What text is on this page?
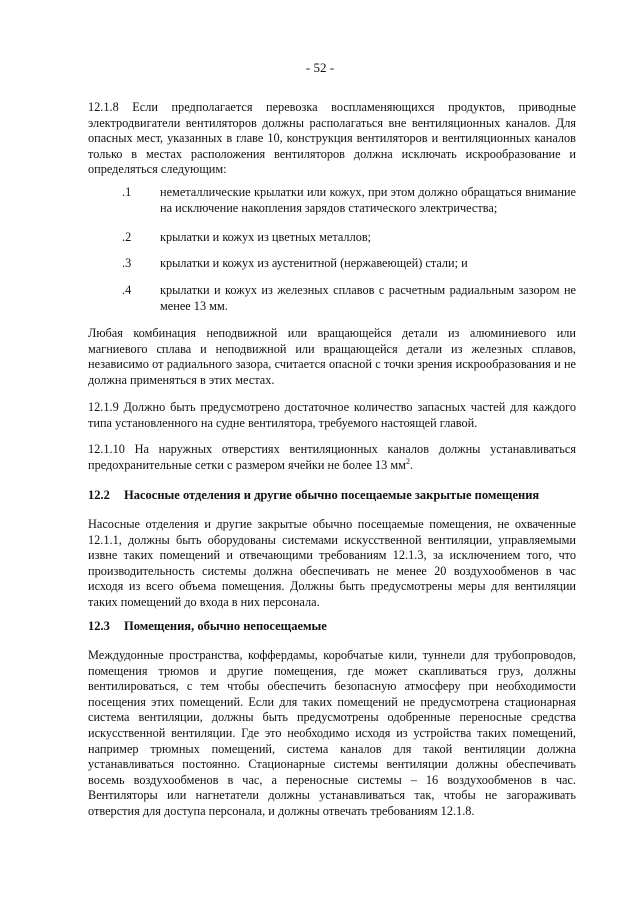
- 52 -

12.1.8 Если предполагается перевозка воспламеняющихся продуктов, приводные электродвигатели вентиляторов должны располагаться вне вентиляционных каналов. Для опасных мест, указанных в главе 10, конструкция вентиляторов и вентиляционных каналов только в местах расположения вентиляторов должна исключать искрообразование и определяться следующим:

.1 неметаллические крылатки или кожух, при этом должно обращаться внимание на исключение накопления зарядов статического электричества;

.2 крылатки и кожух из цветных металлов;

.3 крылатки и кожух из аустенитной (нержавеющей) стали; и

.4 крылатки и кожух из железных сплавов с расчетным радиальным зазором не менее 13 мм.

Любая комбинация неподвижной или вращающейся детали из алюминиевого или магниевого сплава и неподвижной или вращающейся детали из железных сплавов, независимо от радиального зазора, считается опасной с точки зрения искрообразования и не должна применяться в этих местах.

12.1.9 Должно быть предусмотрено достаточное количество запасных частей для каждого типа установленного на судне вентилятора, требуемого настоящей главой.

12.1.10 На наружных отверстиях вентиляционных каналов должны устанавливаться предохранительные сетки с размером ячейки не более 13 $мм^2$.

12.2 Насосные отделения и другие обычно посещаемые закрытые помещения

Насосные отделения и другие закрытые обычно посещаемые помещения, не охваченные 12.1.1, должны быть оборудованы системами искусственной вентиляции, управляемыми извне таких помещений и отвечающими требованиям 12.1.3, за исключением того, что производительность системы должна обеспечивать не менее 20 воздухообменов в час исходя из всего объема помещения. Должны быть предусмотрены меры для вентиляции таких помещений до входа в них персонала.

12.3 Помещения, обычно непосещаемые

Междудонные пространства, коффердамы, коробчатые кили, туннели для трубопроводов, помещения трюмов и другие помещения, где может скапливаться груз, должны вентилироваться, с тем чтобы обеспечить безопасную атмосферу при необходимости посещения этих помещений. Если для таких помещений не предусмотрена стационарная система вентиляции, должны быть предусмотрены одобренные переносные средства искусственной вентиляции. Где это необходимо исходя из устройства таких помещений, например трюмных помещений, система каналов для такой вентиляции должна устанавливаться постоянно. Стационарные системы вентиляции должны обеспечивать восемь воздухообменов в час, а переносные системы – 16 воздухообменов в час. Вентиляторы или нагнетатели должны устанавливаться так, чтобы не загораживать отверстия для доступа персонала, и должны отвечать требованиям 12.1.8.
